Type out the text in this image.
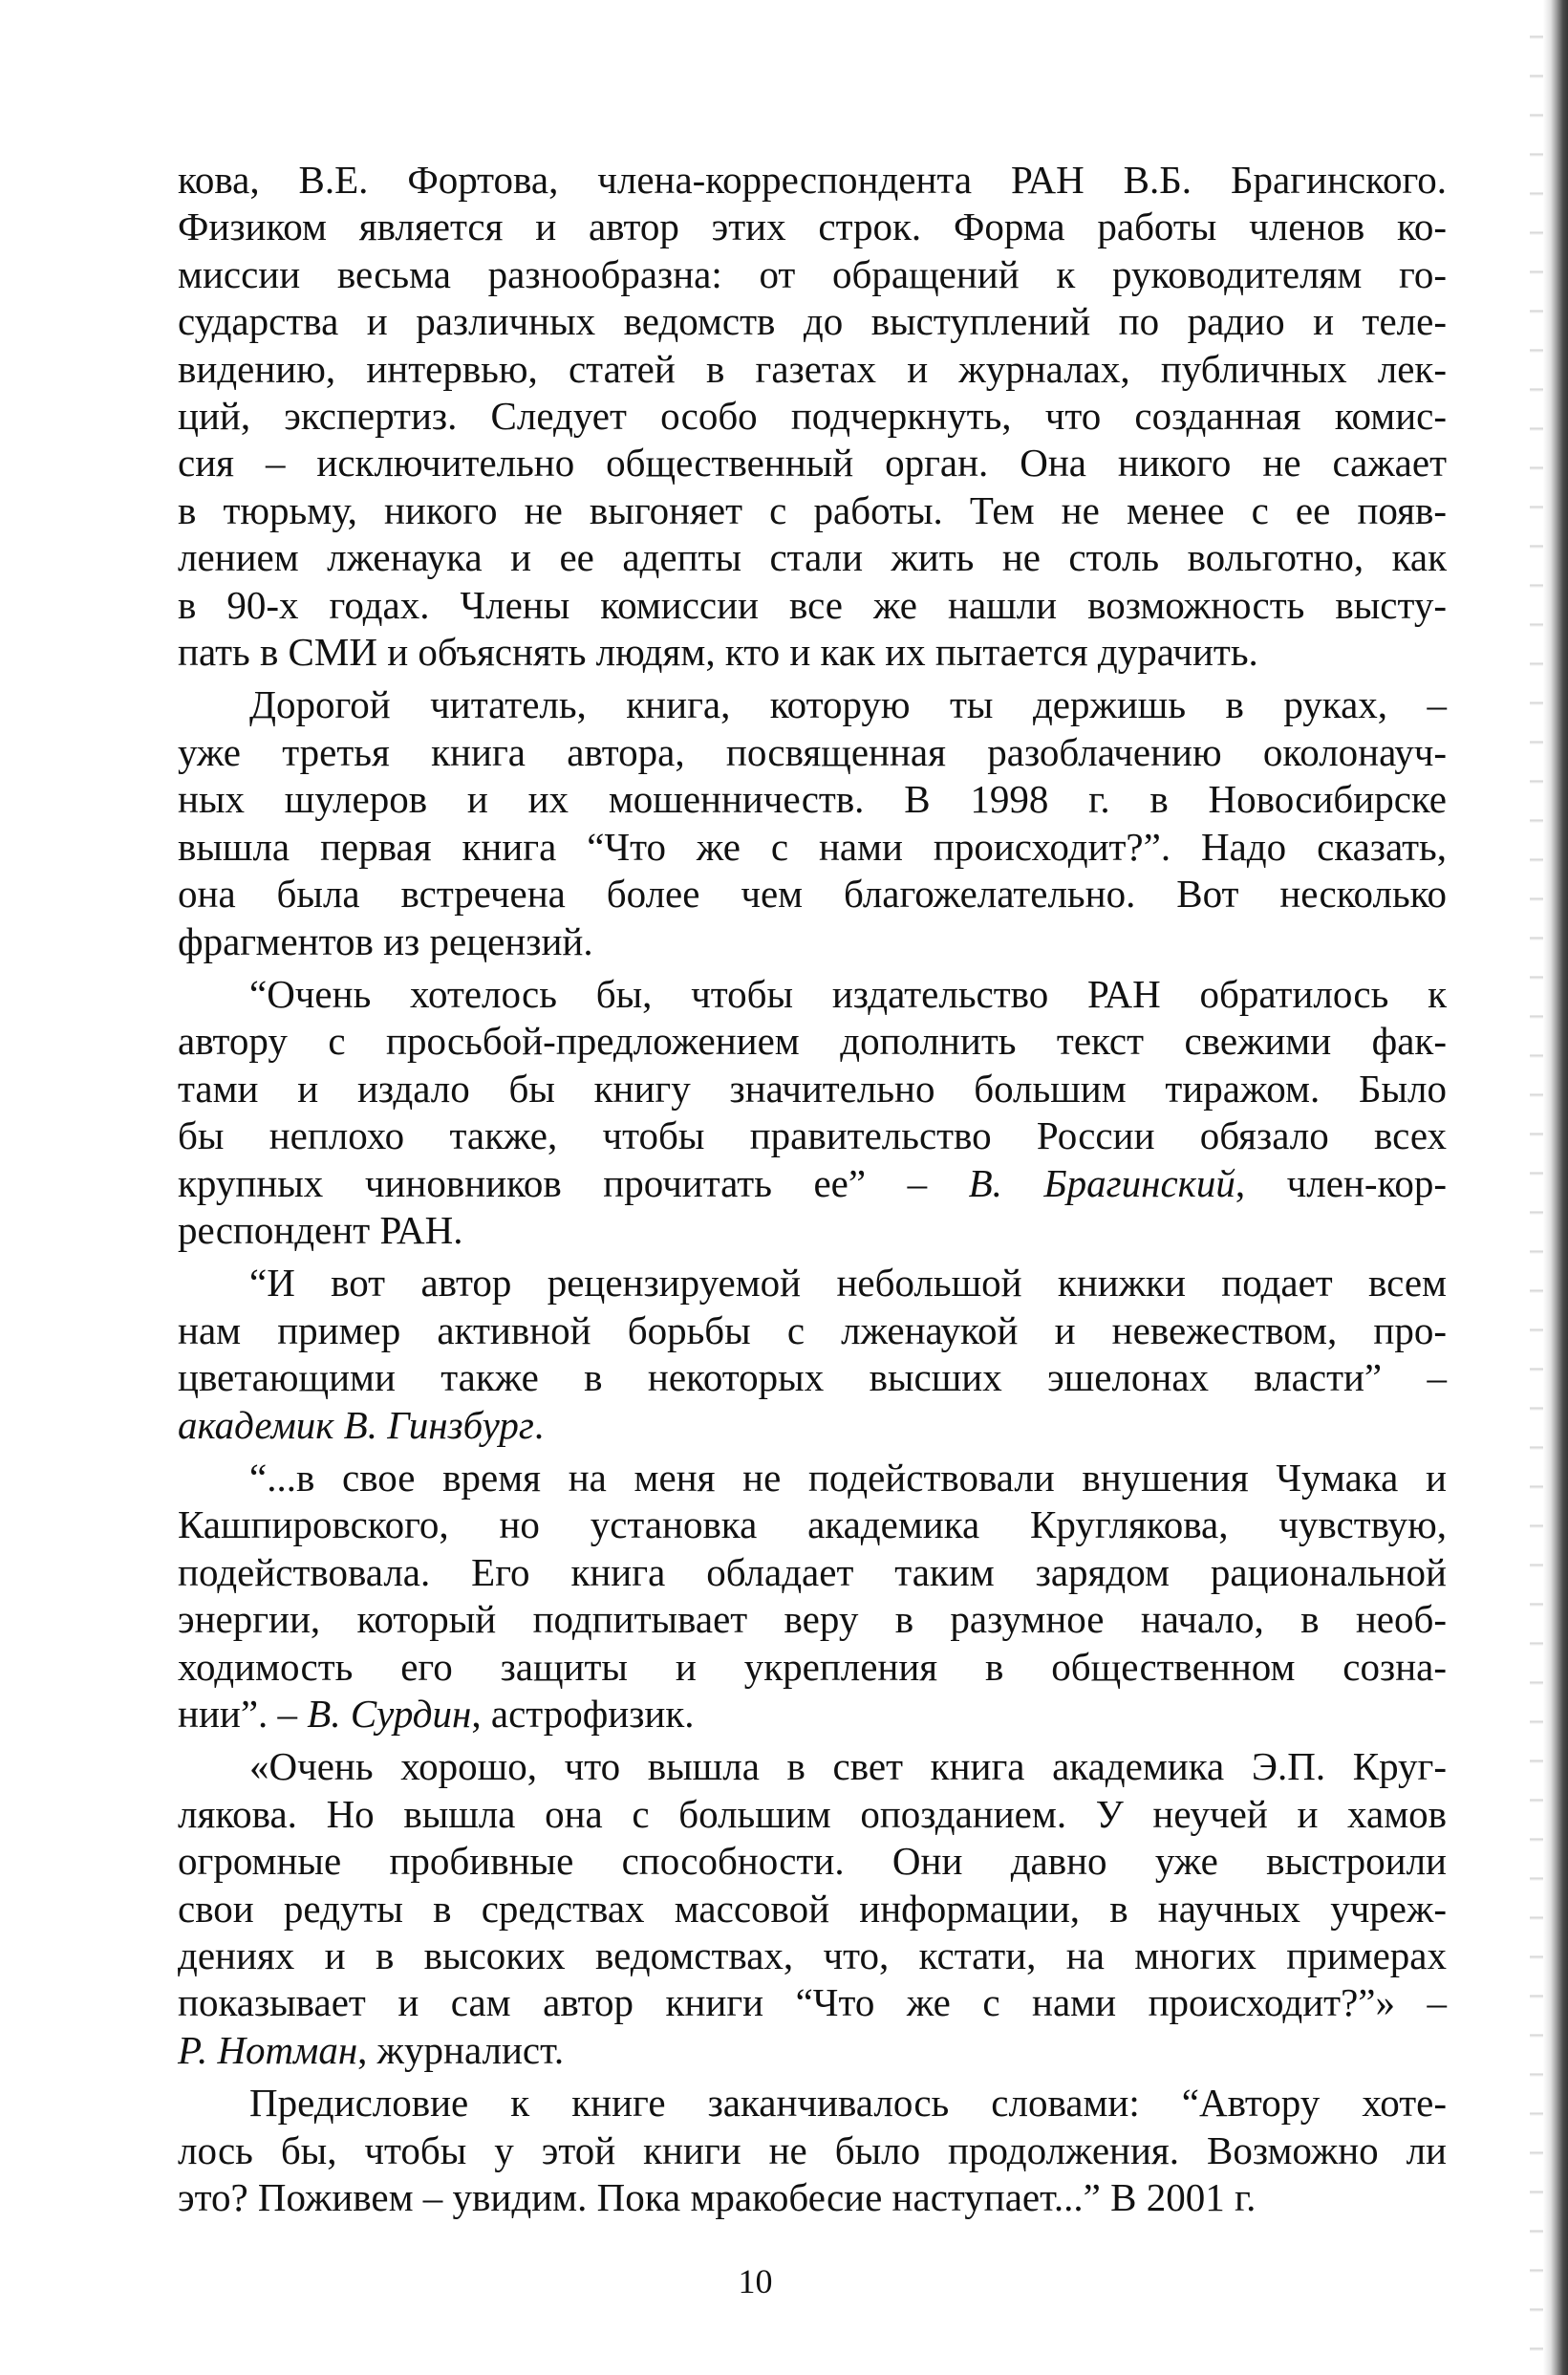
кова, В.Е. Фортова, члена-корреспондента РАН В.Б. Брагинского.
Физиком является и автор этих строк. Форма работы членов ко-
миссии весьма разнообразна: от обращений к руководителям го-
сударства и различных ведомств до выступлений по радио и теле-
видению, интервью, статей в газетах и журналах, публичных лек-
ций, экспертиз. Следует особо подчеркнуть, что созданная комис-
сия – исключительно общественный орган. Она никого не сажает
в тюрьму, никого не выгоняет с работы. Тем не менее с ее появ-
лением лженаука и ее адепты стали жить не столь вольготно, как
в 90-х годах. Члены комиссии все же нашли возможность высту-
пать в СМИ и объяснять людям, кто и как их пытается дурачить.
Дорогой читатель, книга, которую ты держишь в руках, –
уже третья книга автора, посвященная разоблачению околонауч-
ных шулеров и их мошенничеств. В 1998 г. в Новосибирске
вышла первая книга “Что же с нами происходит?”. Надо сказать,
она была встречена более чем благожелательно. Вот несколько
фрагментов из рецензий.
“Очень хотелось бы, чтобы издательство РАН обратилось к
автору с просьбой-предложением дополнить текст свежими фак-
тами и издало бы книгу значительно большим тиражом. Было
бы неплохо также, чтобы правительство России обязало всех
крупных чиновников прочитать ее” – В. Брагинский, член-кор-
респондент РАН.
“И вот автор рецензируемой небольшой книжки подает всем
нам пример активной борьбы с лженаукой и невежеством, про-
цветающими также в некоторых высших эшелонах власти” –
академик В. Гинзбург.
“...в свое время на меня не подействовали внушения Чумака и
Кашпировского, но установка академика Круглякова, чувствую,
подействовала. Его книга обладает таким зарядом рациональной
энергии, который подпитывает веру в разумное начало, в необ-
ходимость его защиты и укрепления в общественном созна-
нии”. – В. Сурдин, астрофизик.
«Очень хорошо, что вышла в свет книга академика Э.П. Круг-
лякова. Но вышла она с большим опозданием. У неучей и хамов
огромные пробивные способности. Они давно уже выстроили
свои редуты в средствах массовой информации, в научных учреж-
дениях и в высоких ведомствах, что, кстати, на многих примерах
показывает и сам автор книги “Что же с нами происходит?”» –
Р. Нотман, журналист.
Предисловие к книге заканчивалось словами: “Автору хоте-
лось бы, чтобы у этой книги не было продолжения. Возможно ли
это? Поживем – увидим. Пока мракобесие наступает...” В 2001 г.
10
